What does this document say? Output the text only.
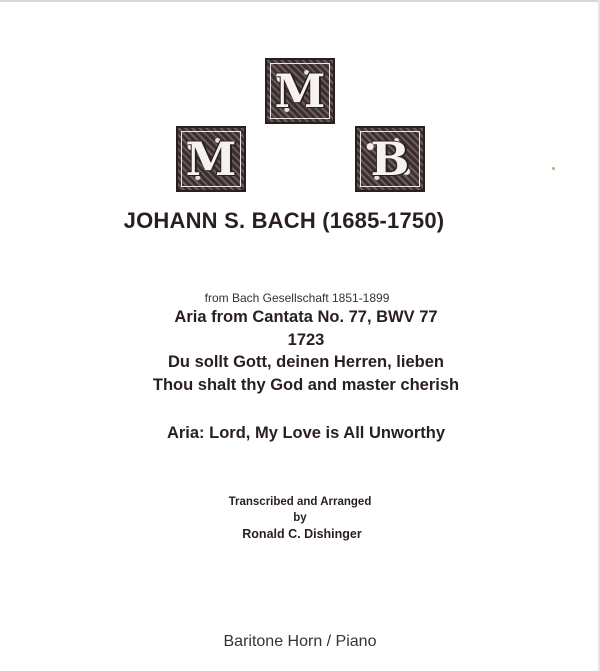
M
M	B
JOHANN S. BACH (1685-1750)
from Bach Gesellschaft 1851-1899
Aria from Cantata No. 77, BWV 77
1723
Du sollt Gott, deinen Herren, lieben
Thou shalt thy God and master cherish
Aria: Lord, My Love is All Unworthy
Transcribed and Arranged
by
Ronald C. Dishinger
Baritone Horn / Piano
